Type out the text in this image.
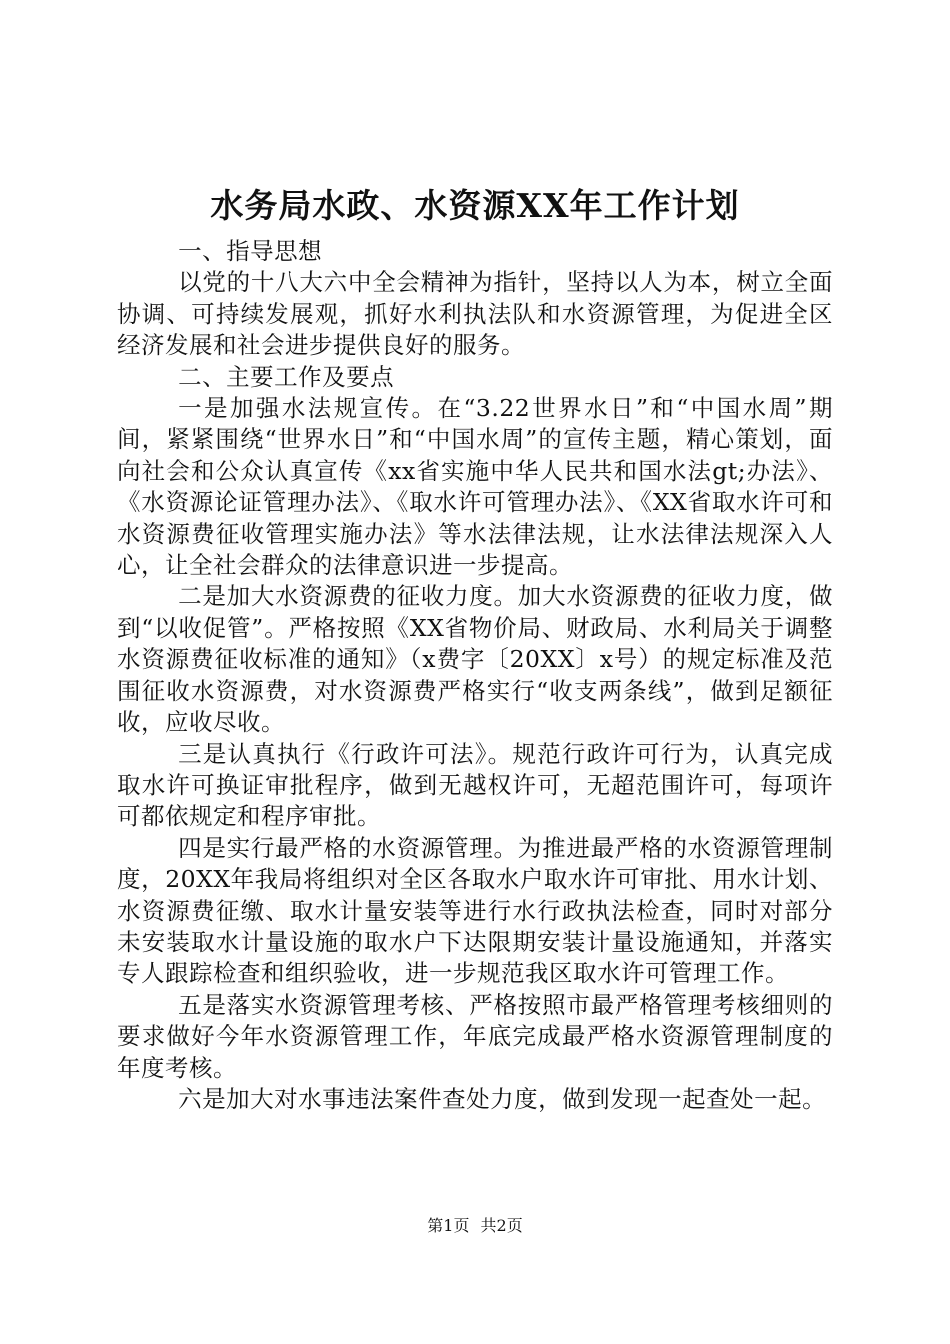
水务局水政、水资源XX年工作计划

一、指导思想

以党的十八大六中全会精神为指针，坚持以人为本，树立全面协调、可持续发展观，抓好水利执法队和水资源管理，为促进全区经济发展和社会进步提供良好的服务。

二、主要工作及要点

一是加强水法规宣传。在“3.22世界水日”和“中国水周”期间，紧紧围绕“世界水日”和“中国水周”的宣传主题，精心策划，面向社会和公众认真宣传《xx省实施中华人民共和国水法gt;办法》、《水资源论证管理办法》、《取水许可管理办法》、《XX省取水许可和水资源费征收管理实施办法》等水法律法规，让水法律法规深入人心，让全社会群众的法律意识进一步提高。

二是加大水资源费的征收力度。加大水资源费的征收力度，做到“以收促管”。严格按照《XX省物价局、财政局、水利局关于调整水资源费征收标准的通知》（x费字〔20XX〕x号）的规定标准及范围征收水资源费，对水资源费严格实行“收支两条线”，做到足额征收，应收尽收。

三是认真执行《行政许可法》。规范行政许可行为，认真完成取水许可换证审批程序，做到无越权许可，无超范围许可，每项许可都依规定和程序审批。

四是实行最严格的水资源管理。为推进最严格的水资源管理制度，20XX年我局将组织对全区各取水户取水许可审批、用水计划、水资源费征缴、取水计量安装等进行水行政执法检查，同时对部分未安装取水计量设施的取水户下达限期安装计量设施通知，并落实专人跟踪检查和组织验收，进一步规范我区取水许可管理工作。

五是落实水资源管理考核、严格按照市最严格管理考核细则的要求做好今年水资源管理工作，年底完成最严格水资源管理制度的年度考核。

六是加大对水事违法案件查处力度，做到发现一起查处一起。

第1页 共2页
